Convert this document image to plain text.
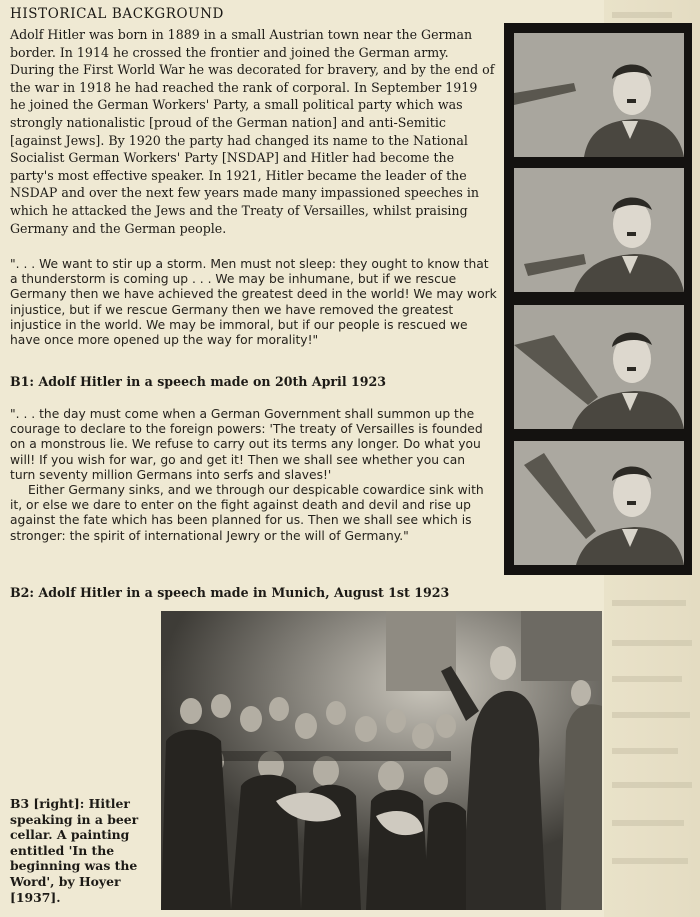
HISTORICAL BACKGROUND

Adolf Hitler was born in 1889 in a small Austrian town near the German border. In 1914 he crossed the frontier and joined the German army. During the First World War he was decorated for bravery, and by the end of the war in 1918 he had reached the rank of corporal. In September 1919 he joined the German Workers' Party, a small political party which was strongly nationalistic [proud of the German nation] and anti-Semitic [against Jews]. By 1920 the party had changed its name to the National Socialist German Workers' Party [NSDAP] and Hitler had become the party's most effective speaker. In 1921, Hitler became the leader of the NSDAP and over the next few years made many impassioned speeches in which he attacked the Jews and the Treaty of Versailles, whilst praising Germany and the German people.

". . . We want to stir up a storm. Men must not sleep: they ought to know that a thunderstorm is coming up . . . We may be inhumane, but if we rescue Germany then we have achieved the greatest deed in the world! We may work injustice, but if we rescue Germany then we have removed the greatest injustice in the world. We may be immoral, but if our people is rescued we have once more opened up the way for morality!"

B1: Adolf Hitler in a speech made on 20th April 1923

". . . the day must come when a German Government shall summon up the courage to declare to the foreign powers: 'The treaty of Versailles is founded on a monstrous lie. We refuse to carry out its terms any longer. Do what you will! If you wish for war, go and get it! Then we shall see whether you can turn seventy million Germans into serfs and slaves!'

Either Germany sinks, and we through our despicable cowardice sink with it, or else we dare to enter on the fight against death and devil and rise up against the fate which has been planned for us. Then we shall see which is stronger: the spirit of international Jewry or the will of Germany."

B2: Adolf Hitler in a speech made in Munich, August 1st 1923

B3 [right]: Hitler speaking in a beer cellar. A painting entitled 'In the beginning was the Word', by Hoyer [1937].
